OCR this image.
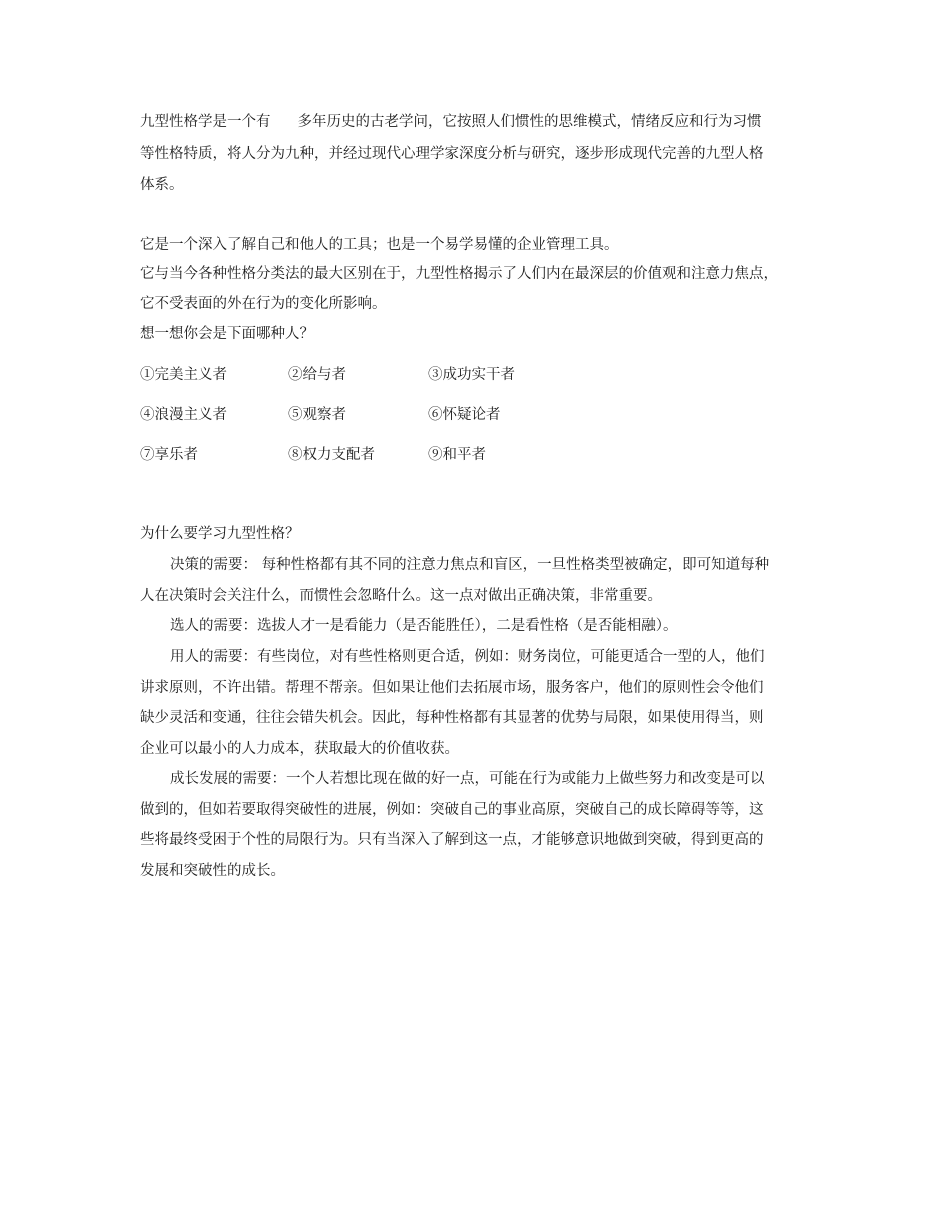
九型性格学是一个有 多年历史的古老学问，它按照人们惯性的思维模式，情绪反应和行为习惯
等性格特质，将人分为九种，并经过现代心理学家深度分析与研究，逐步形成现代完善的九型人格
体系。
它是一个深入了解自己和他人的工具；也是一个易学易懂的企业管理工具。
它与当今各种性格分类法的最大区别在于，九型性格揭示了人们内在最深层的价值观和注意力焦点，
它不受表面的外在行为的变化所影响。
想一想你会是下面哪种人？
①完美主义者	②给与者	③成功实干者
④浪漫主义者	⑤观察者	⑥怀疑论者
⑦享乐者	⑧权力支配者	⑨和平者
为什么要学习九型性格？
决策的需要： 每种性格都有其不同的注意力焦点和盲区，一旦性格类型被确定，即可知道每种
人在决策时会关注什么，而惯性会忽略什么。这一点对做出正确决策，非常重要。
选人的需要：选拔人才一是看能力（是否能胜任），二是看性格（是否能相融）。
用人的需要：有些岗位，对有些性格则更合适，例如：财务岗位，可能更适合一型的人，他们
讲求原则，不许出错。帮理不帮亲。但如果让他们去拓展市场，服务客户，他们的原则性会令他们
缺少灵活和变通，往往会错失机会。因此，每种性格都有其显著的优势与局限，如果使用得当，则
企业可以最小的人力成本，获取最大的价值收获。
成长发展的需要：一个人若想比现在做的好一点，可能在行为或能力上做些努力和改变是可以
做到的，但如若要取得突破性的进展，例如：突破自己的事业高原，突破自己的成长障碍等等，这
些将最终受困于个性的局限行为。只有当深入了解到这一点，才能够意识地做到突破，得到更高的
发展和突破性的成长。
